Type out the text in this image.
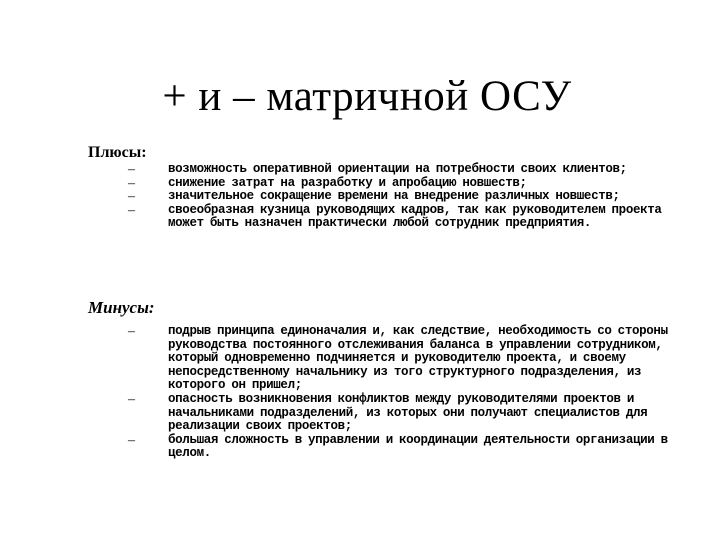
+ и – матричной ОСУ
Плюсы:
–	возможность оперативной ориентации на потребности своих клиентов;
–	снижение затрат на разработку и апробацию новшеств;
–	значительное сокращение времени на внедрение различных новшеств;
–	своеобразная кузница руководящих кадров, так как руководителем проекта может быть назначен практически любой сотрудник предприятия.
Минусы:
–	подрыв принципа единоначалия и, как следствие, необходимость со стороны руководства постоянного отслеживания баланса в управлении сотрудником, который одновременно подчиняется и руководителю проекта, и своему непосредственному начальнику из того структурного подразделения, из которого он пришел;
–	опасность возникновения конфликтов между руководителями проектов и начальниками подразделений, из которых они получают специалистов для реализации своих проектов;
–	большая сложность в управлении и координации деятельности организации в целом.
